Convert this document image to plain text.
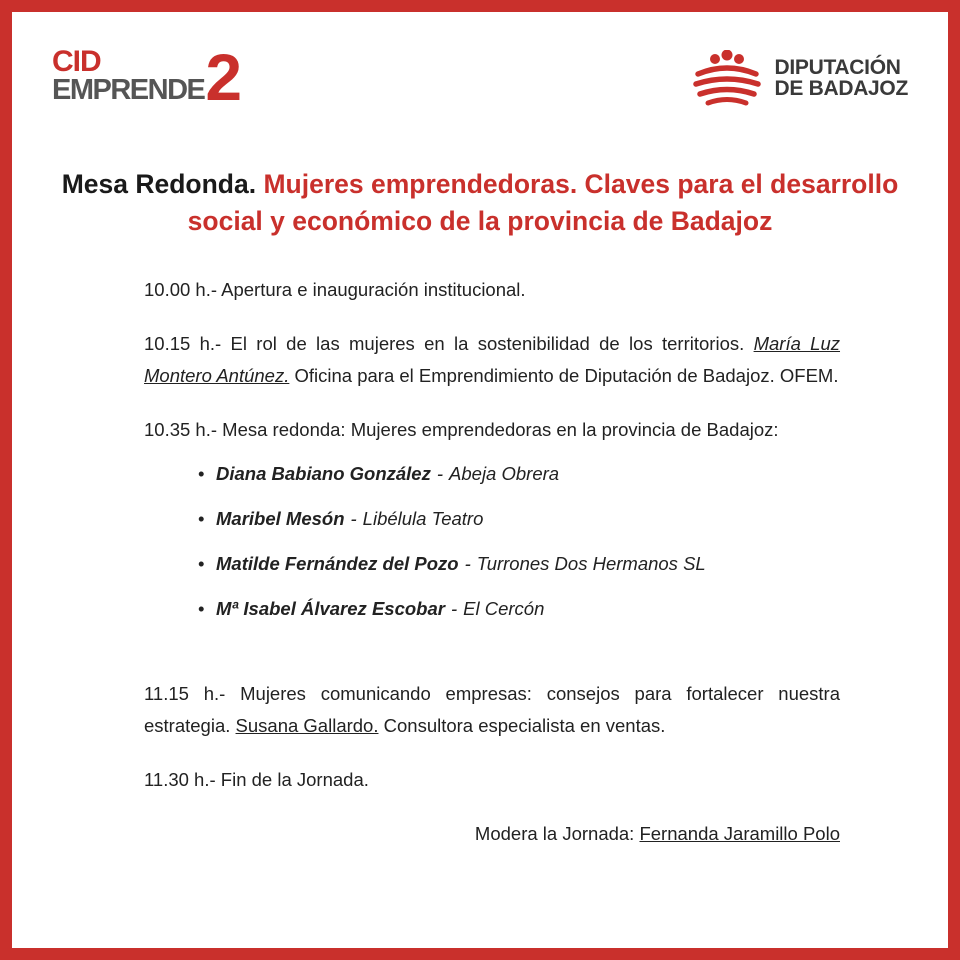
CID
EMPRENDE 2	DIPUTACIÓN
DE BADAJOZ
Mesa Redonda. Mujeres emprendedoras. Claves para el desarrollo social y económico de la provincia de Badajoz

10.00 h.- Apertura e inauguración institucional.

10.15 h.- El rol de las mujeres en la sostenibilidad de los territorios. María Luz Montero Antúnez. Oficina para el Emprendimiento de Diputación de Badajoz. OFEM.

10.35 h.- Mesa redonda: Mujeres emprendedoras en la provincia de Badajoz:

• Diana Babiano González - Abeja Obrera
• Maribel Mesón - Libélula Teatro
• Matilde Fernández del Pozo - Turrones Dos Hermanos SL
• Mª Isabel Álvarez Escobar - El Cercón

11.15 h.- Mujeres comunicando empresas: consejos para fortalecer nuestra estrategia. Susana Gallardo. Consultora especialista en ventas.

11.30 h.- Fin de la Jornada.

Modera la Jornada: Fernanda Jaramillo Polo
